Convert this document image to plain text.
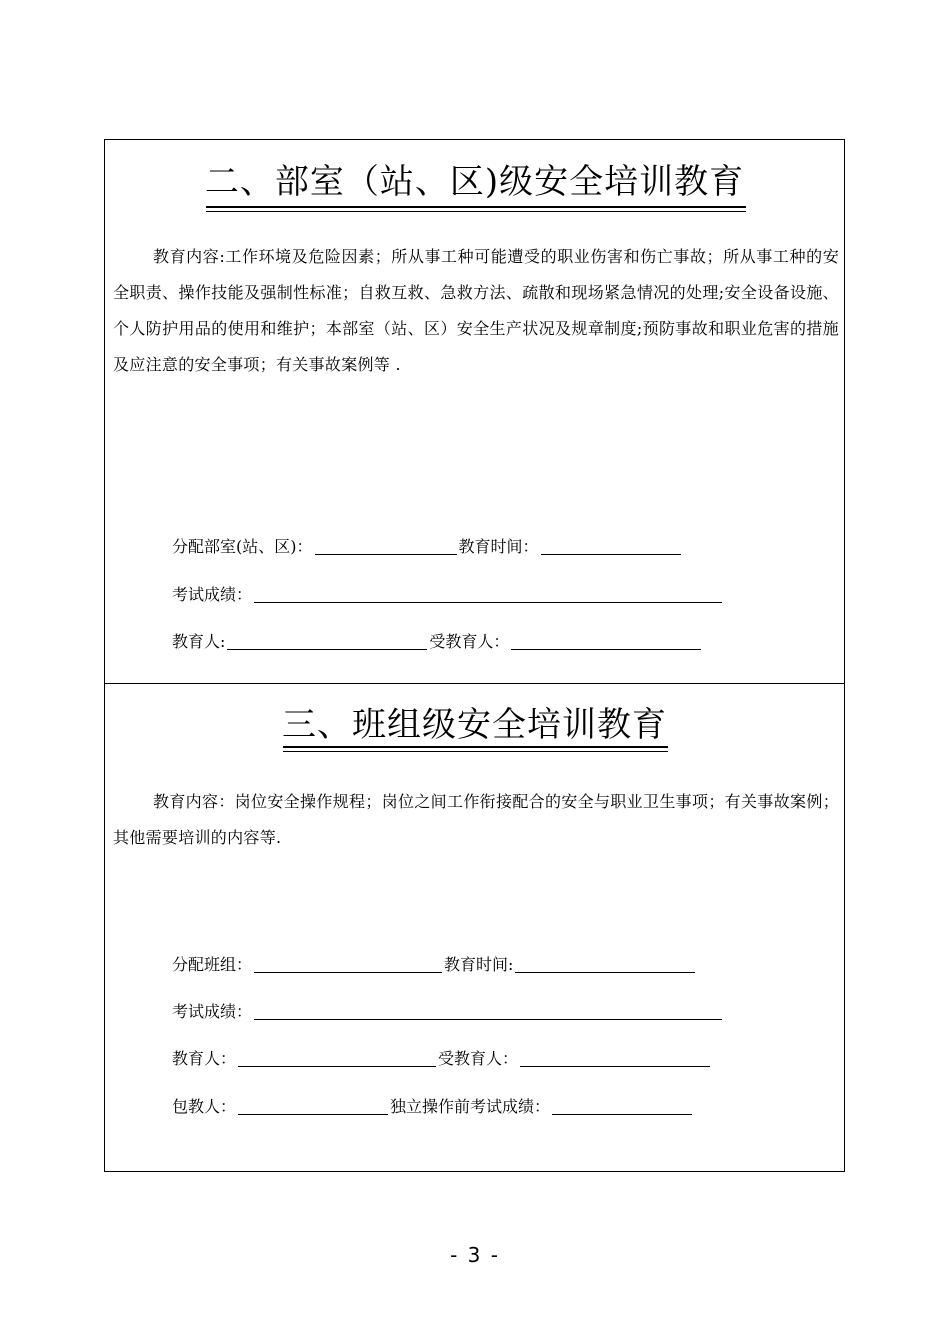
二、部室（站、区)级安全培训教育
教育内容:工作环境及危险因素；所从事工种可能遭受的职业伤害和伤亡事故；所从事工种的安全职责、操作技能及强制性标准；自救互救、急救方法、疏散和现场紧急情况的处理;安全设备设施、个人防护用品的使用和维护；本部室（站、区）安全生产状况及规章制度;预防事故和职业危害的措施及应注意的安全事项；有关事故案例等 .
分配部室(站、区)：	教育时间：
考试成绩：
教育人:	受教育人：
三、班组级安全培训教育
教育内容：岗位安全操作规程；岗位之间工作衔接配合的安全与职业卫生事项；有关事故案例；其他需要培训的内容等.
分配班组：	教育时间:
考试成绩：
教育人：	受教育人：
包教人：	独立操作前考试成绩：
- 3 -
